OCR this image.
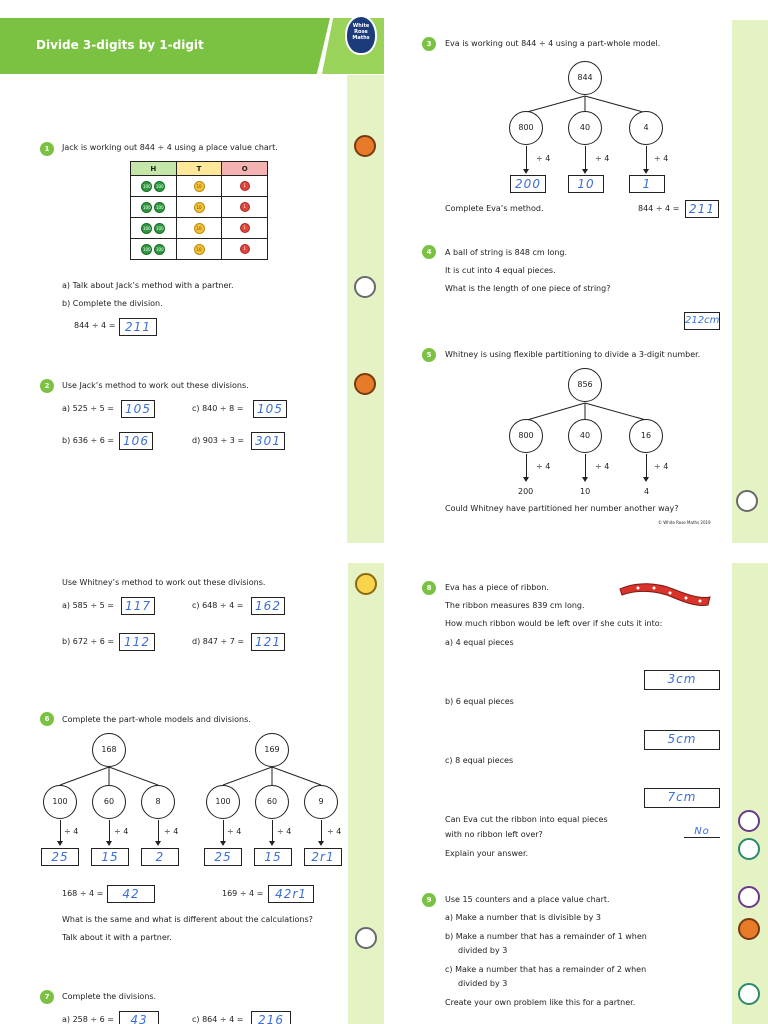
Divide 3-digits by 1-digit
White
Rose
Maths
1	Jack is working out 844 ÷ 4 using a place value chart.
H	T	O
100 100	10	1
100 100	10	1
100 100	10	1
100 100	10	1
a) Talk about Jack’s method with a partner.
b) Complete the division.
844 ÷ 4 = 211
2	Use Jack’s method to work out these divisions.
a) 525 ÷ 5 = 105	c) 840 ÷ 8 =	105
b) 636 ÷ 6 = 106	d) 903 ÷ 3 = 301
3	Eva is working out 844 ÷ 4 using a part-whole model.
844
800	40	4
÷ 4	÷ 4	÷ 4
200	10	1
Complete Eva’s method.	844 ÷ 4 = 211
4	A ball of string is 848 cm long.
It is cut into 4 equal pieces.
What is the length of one piece of string?
212cm
5	Whitney is using flexible partitioning to divide a 3-digit number.
856
800	40	16
÷ 4	÷ 4	÷ 4
200	10	4
Could Whitney have partitioned her number another way?
© White Rose Maths 2019
Use Whitney’s method to work out these divisions.
a) 585 ÷ 5 = 117	c) 648 ÷ 4 = 162
b) 672 ÷ 6 = 112	d) 847 ÷ 7 = 121
6	Complete the part-whole models and divisions.
168
100	60	8
÷ 4	÷ 4	÷ 4
25	15	2
169
100	60	9
÷ 4	÷ 4	÷ 4
25	15	2r1
168 ÷ 4 =	42	169 ÷ 4 = 42r1
What is the same and what is different about the calculations?
Talk about it with a partner.
7	Complete the divisions.
a) 258 ÷ 6 =	43	c) 864 ÷ 4 =	216
8	Eva has a piece of ribbon.
The ribbon measures 839 cm long.
How much ribbon would be left over if she cuts it into:
a) 4 equal pieces
3cm
b) 6 equal pieces
5cm
c) 8 equal pieces
7cm
Can Eva cut the ribbon into equal pieces
with no ribbon left over?	No
Explain your answer.
9	Use 15 counters and a place value chart.
a) Make a number that is divisible by 3
b) Make a number that has a remainder of 1 when
divided by 3
c) Make a number that has a remainder of 2 when
divided by 3
Create your own problem like this for a partner.
